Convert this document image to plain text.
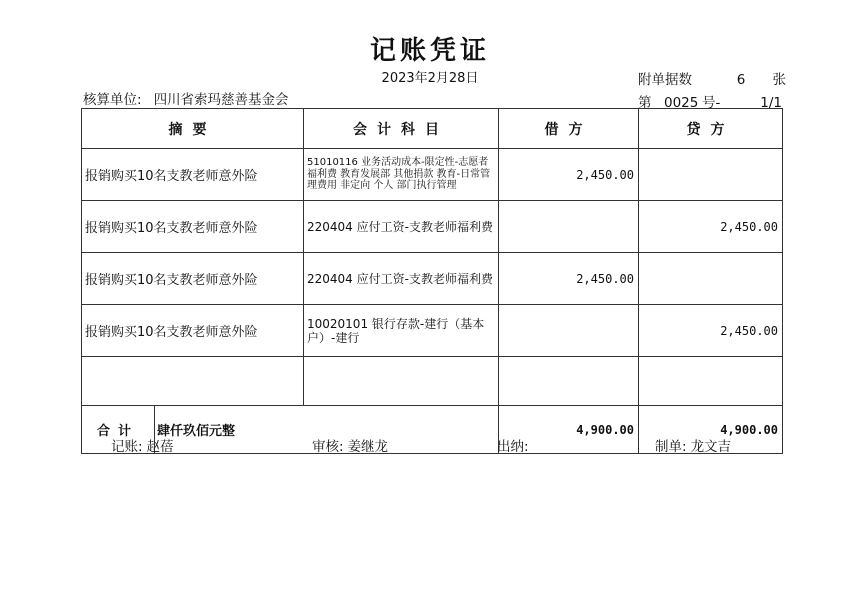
记账凭证
2023年2月28日
核算单位: 四川省索玛慈善基金会
附单据数	6 张
第 0025 号-	1/1
摘要		会计科目	借方	贷方
报销购买10名支教老师意外险		51010116 业务活动成本-限定性-志愿者福利费 教育发展部 其他捐款 教育-日常管理费用 非定向 个人 部门执行管理	2,450.00	
报销购买10名支教老师意外险		220404 应付工资-支教老师福利费		2,450.00
报销购买10名支教老师意外险		220404 应付工资-支教老师福利费	2,450.00	
报销购买10名支教老师意外险		10020101 银行存款-建行（基本户）-建行		2,450.00

合计	肆仟玖佰元整		4,900.00	4,900.00
记账: 赵蓓	审核: 姜继龙	出纳:	制单: 龙文吉
